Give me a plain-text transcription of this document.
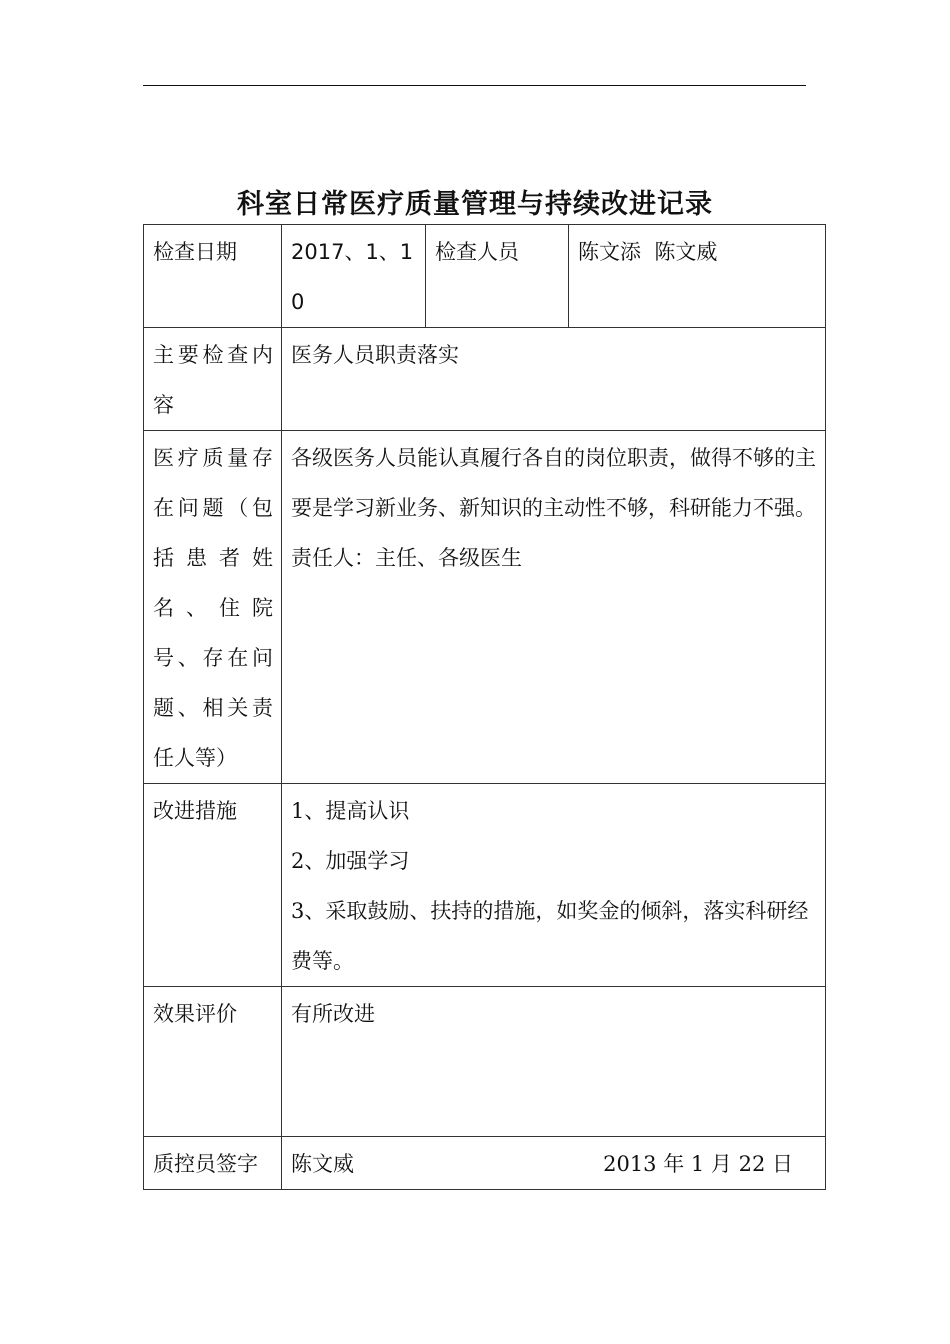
科室日常医疗质量管理与持续改进记录
检查日期	2017、1、10	检查人员	陈文添  陈文威
主要检查内容	医务人员职责落实		
医疗质量存在问题（包括患者姓名、住院号、存在问题、相关责任人等）	各级医务人员能认真履行各自的岗位职责，做得不够的主要是学习新业务、新知识的主动性不够，科研能力不强。
责任人：主任、各级医生		

改进措施	1、提高认识
2、加强学习
3、采取鼓励、扶持的措施，如奖金的倾斜，落实科研经费等。		

效果评价	有所改进		
质控员签字	陈文威 2013 年 1 月 22 日		
